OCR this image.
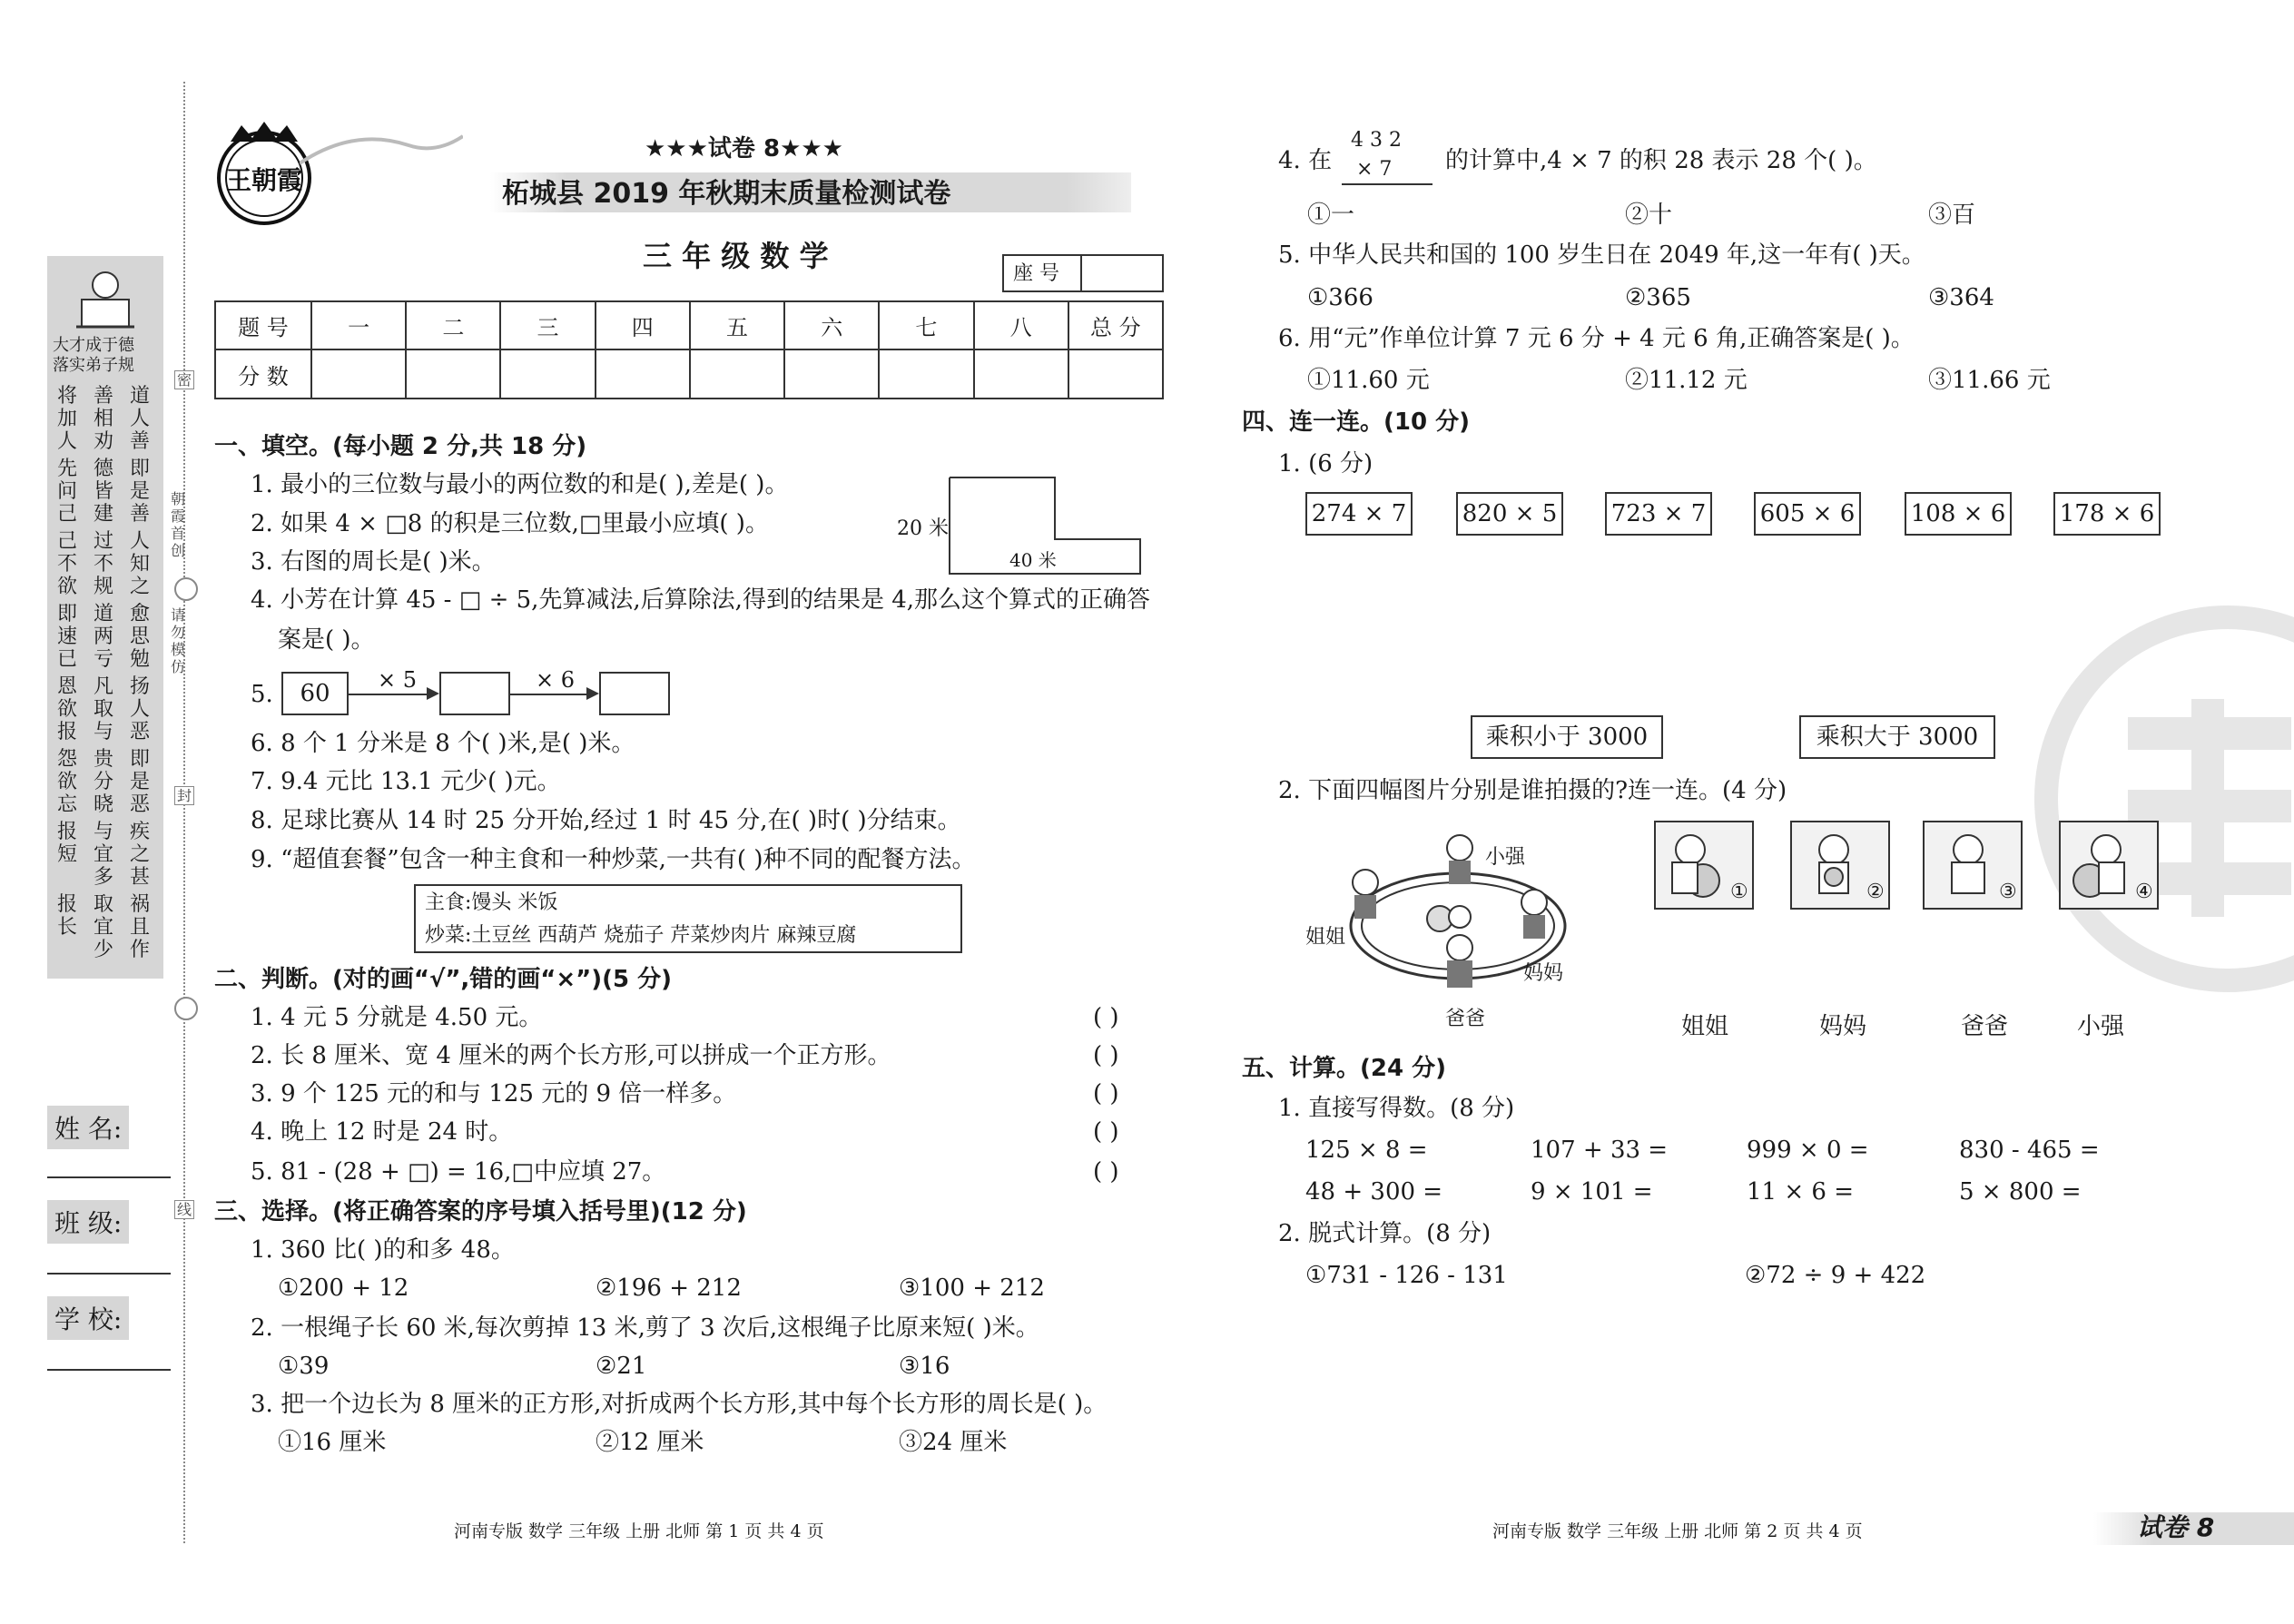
密
朝霞首创
请勿模仿
封
线
大才成于德
落实弟子规
将加人
善相劝
道人善
先问己
德皆建
即是善
己不欲
过不规
人知之
即速已
道两亏
愈思勉
恩欲报
凡取与
扬人恶
怨欲忘
贵分晓
即是恶
报短
与宜多
疾之甚
报长
取宜少
祸且作
姓 名:
班 级:
学 校:
王朝霞
★★★试卷 8★★★
柘城县 2019 年秋期末质量检测试卷
三 年 级 数 学
座 号
题 号	一	二	三	四	五	六	七	八	总 分
分 数									
一、填空。(每小题 2 分,共 18 分)
1. 最小的三位数与最小的两位数的和是( ),差是( )。
2. 如果 4 × □8 的积是三位数,□里最小应填( )。
3. 右图的周长是( )米。
20 米
40 米
4. 小芳在计算 45 - □ ÷ 5,先算减法,后算除法,得到的结果是 4,那么这个算式的正确答
案是( )。
5.	60	× 5	× 6
6. 8 个 1 分米是 8 个( )米,是( )米。
7. 9.4 元比 13.1 元少( )元。
8. 足球比赛从 14 时 25 分开始,经过 1 时 45 分,在( )时( )分结束。
9. “超值套餐”包含一种主食和一种炒菜,一共有( )种不同的配餐方法。
主食:馒头 米饭
炒菜:土豆丝 西葫芦 烧茄子 芹菜炒肉片 麻辣豆腐
二、判断。(对的画“√”,错的画“×”)(5 分)
1. 4 元 5 分就是 4.50 元。	( )
2. 长 8 厘米、宽 4 厘米的两个长方形,可以拼成一个正方形。	( )
3. 9 个 125 元的和与 125 元的 9 倍一样多。	( )
4. 晚上 12 时是 24 时。	( )
5. 81 - (28 + □) = 16,□中应填 27。	( )
三、选择。(将正确答案的序号填入括号里)(12 分)
1. 360 比( )的和多 48。
①200 + 12	②196 + 212	③100 + 212
2. 一根绳子长 60 米,每次剪掉 13 米,剪了 3 次后,这根绳子比原来短( )米。
①39	②21	③16
3. 把一个边长为 8 厘米的正方形,对折成两个长方形,其中每个长方形的周长是( )。
①16 厘米	②12 厘米	③24 厘米
河南专版 数学 三年级 上册 北师 第 1 页 共 4 页
4. 在
4 3 2
× 7 的计算中,4 × 7 的积 28 表示 28 个( )。
①一	②十	③百
5. 中华人民共和国的 100 岁生日在 2049 年,这一年有( )天。
①366	②365	③364
6. 用“元”作单位计算 7 元 6 分 + 4 元 6 角,正确答案是( )。
①11.60 元	②11.12 元	③11.66 元
四、连一连。(10 分)
1. (6 分)
274 × 7 820 × 5 723 × 7 605 × 6 108 × 6 178 × 6
乘积小于 3000	乘积大于 3000
2. 下面四幅图片分别是谁拍摄的?连一连。(4 分)
小强
姐姐
妈妈
爸爸
①	②	③	④
姐姐	妈妈	爸爸	小强
五、计算。(24 分)
1. 直接写得数。(8 分)
125 × 8 =	107 + 33 =	999 × 0 =	830 - 465 =
48 + 300 =	9 × 101 =	11 × 6 =	5 × 800 =
2. 脱式计算。(8 分)
①731 - 126 - 131	②72 ÷ 9 + 422
河南专版 数学 三年级 上册 北师 第 2 页 共 4 页	试卷 8
